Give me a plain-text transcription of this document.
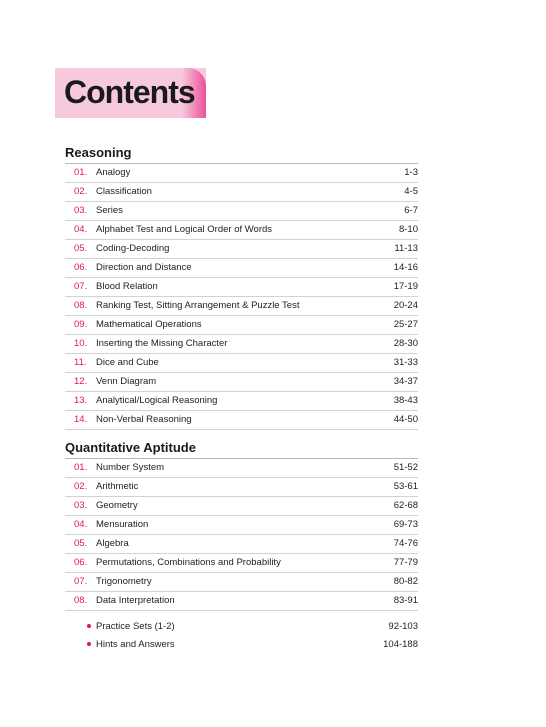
Contents
Reasoning
01. Analogy	1-3
02. Classification	4-5
03. Series	6-7
04. Alphabet Test and Logical Order of Words	8-10
05. Coding-Decoding	11-13
06. Direction and Distance	14-16
07. Blood Relation	17-19
08. Ranking Test, Sitting Arrangement & Puzzle Test	20-24
09. Mathematical Operations	25-27
10. Inserting the Missing Character	28-30
11. Dice and Cube	31-33
12. Venn Diagram	34-37
13. Analytical/Logical Reasoning	38-43
14. Non-Verbal Reasoning	44-50
Quantitative Aptitude
01. Number System	51-52
02. Arithmetic	53-61
03. Geometry	62-68
04. Mensuration	69-73
05. Algebra	74-76
06. Permutations, Combinations and Probability	77-79
07. Trigonometry	80-82
08. Data Interpretation	83-91
Practice Sets (1-2)	92-103
Hints and Answers	104-188
